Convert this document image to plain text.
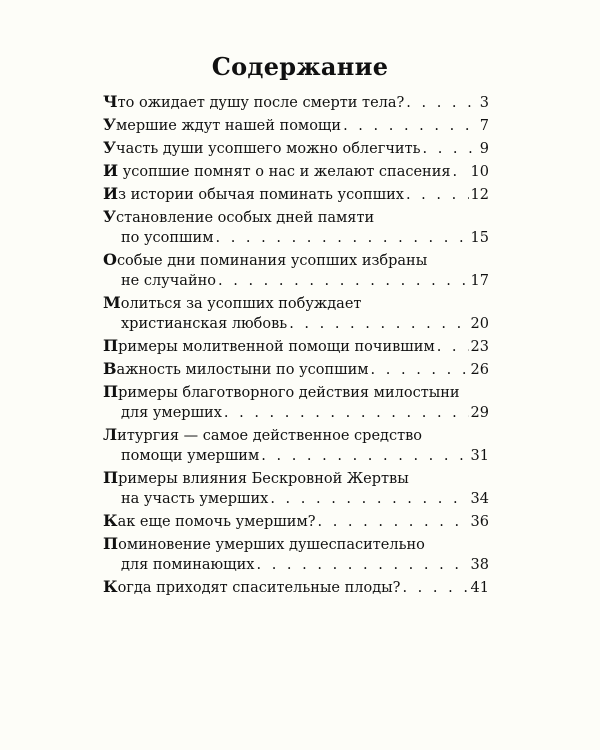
Содержание
Что ожидает душу после смерти тела? . . .	3
Умершие ждут нашей помощи . . .	7
Участь души усопшего можно облегчить . . .	9
И усопшие помнят о нас и желают спасения . . . 10
Из истории обычая поминать усопших . . .	12
Установление особых дней памяти
по усопшим . . .	15
Особые дни поминания усопших избраны
не случайно . . .	17
Молиться за усопших побуждает
христианская любовь . . .	20
Примеры молитвенной помощи почившим . . . 23
Важность милостыни по усопшим . . .	26
Примеры благотворного действия милостыни
для умерших . . .	29
Литургия — самое действенное средство
помощи умершим . . .	31
Примеры влияния Бескровной Жертвы
на участь умерших . . .	34
Как еще помочь умершим? . . .	36
Поминовение умерших душеспасительно
для поминающих . . .	38
Когда приходят спасительные плоды? . . .	41
